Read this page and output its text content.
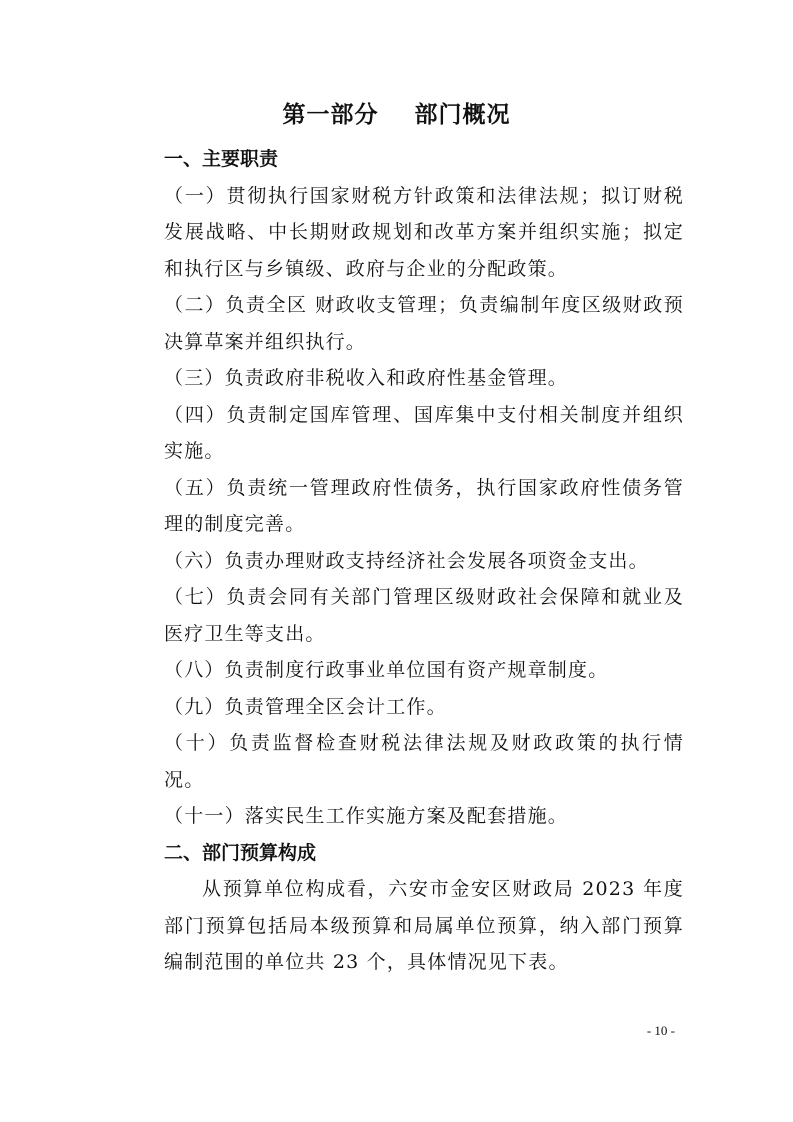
第一部分    部门概况

一、主要职责

（一）贯彻执行国家财税方针政策和法律法规；拟订财税发展战略、中长期财政规划和改革方案并组织实施；拟定和执行区与乡镇级、政府与企业的分配政策。

（二）负责全区 财政收支管理；负责编制年度区级财政预决算草案并组织执行。

（三）负责政府非税收入和政府性基金管理。

（四）负责制定国库管理、国库集中支付相关制度并组织实施。

（五）负责统一管理政府性债务，执行国家政府性债务管理的制度完善。

（六）负责办理财政支持经济社会发展各项资金支出。

（七）负责会同有关部门管理区级财政社会保障和就业及医疗卫生等支出。

（八）负责制度行政事业单位国有资产规章制度。

（九）负责管理全区会计工作。

（十）负责监督检查财税法律法规及财政政策的执行情况。

（十一）落实民生工作实施方案及配套措施。

二、部门预算构成

从预算单位构成看，六安市金安区财政局 2023 年度部门预算包括局本级预算和局属单位预算，纳入部门预算编制范围的单位共 23 个，具体情况见下表。

- 10 -
